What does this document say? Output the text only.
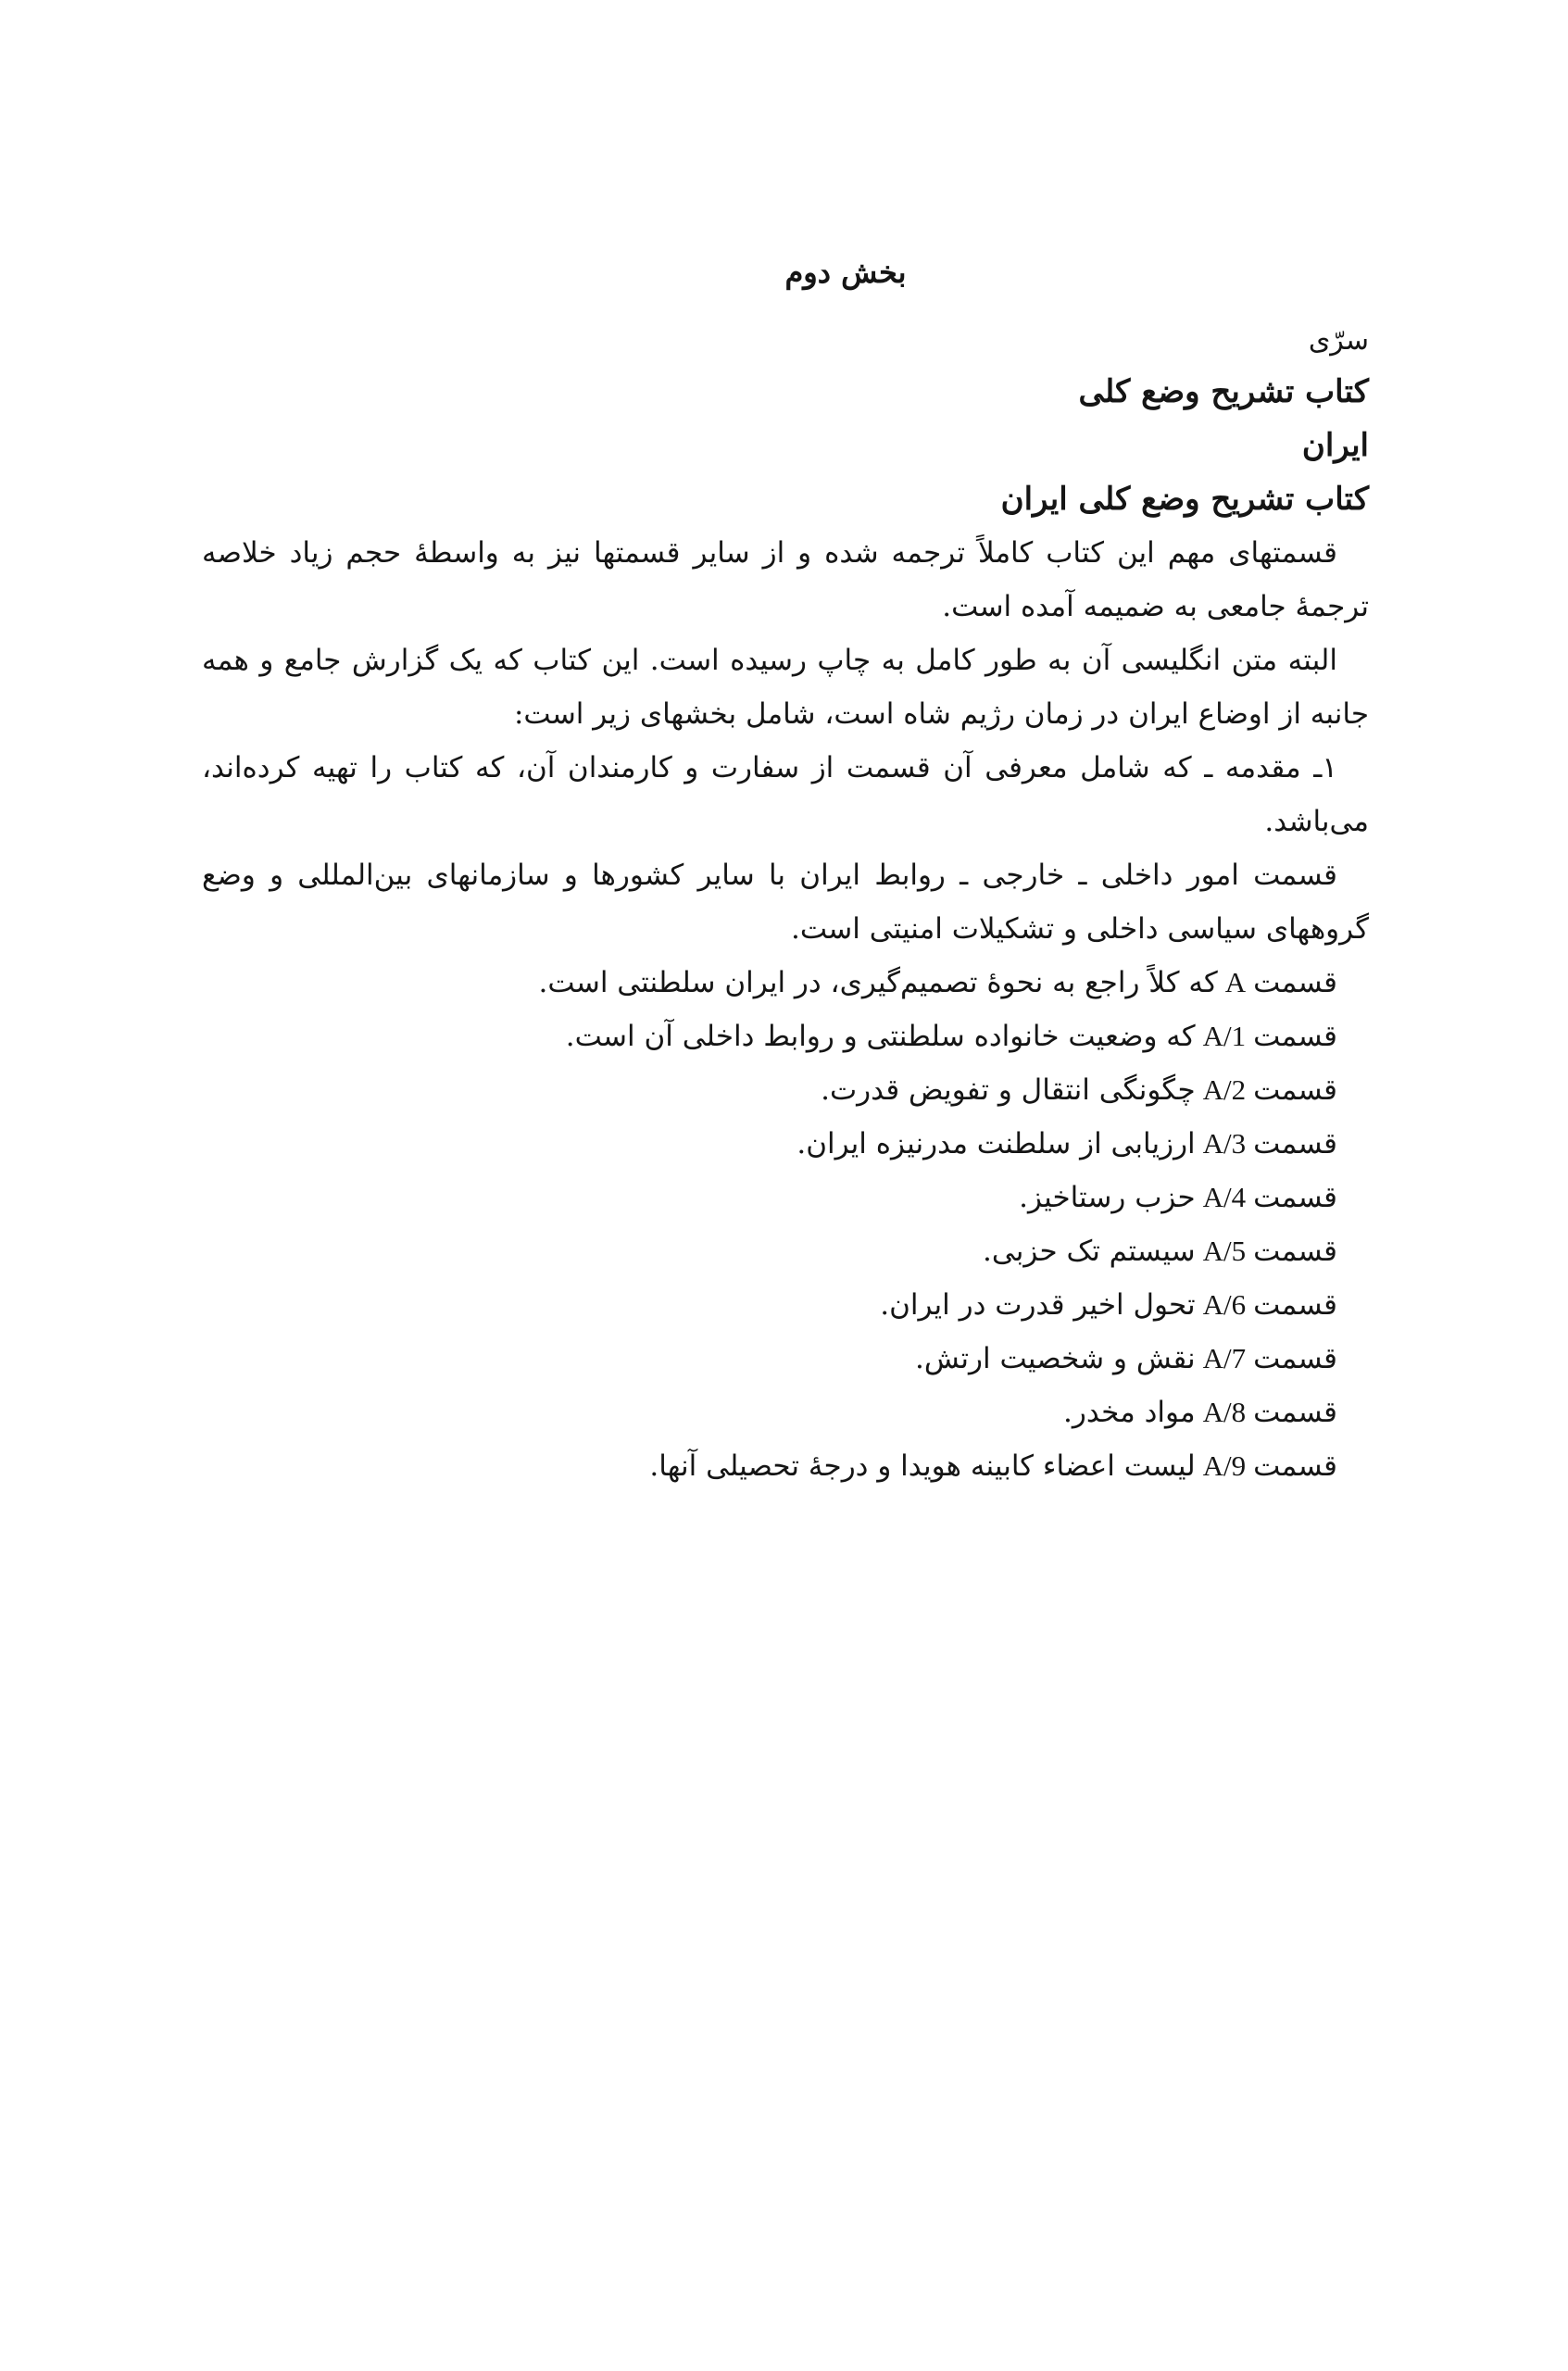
بخش دوم

سرّی

کتاب تشریح وضع کلی

ایران

کتاب تشریح وضع کلی ایران

قسمتهای مهم این کتاب کاملاً ترجمه شده و از سایر قسمتها نیز به واسطهٔ حجم زیاد خلاصه ترجمهٔ جامعی به ضمیمه آمده است.

البته متن انگلیسی آن به طور کامل به چاپ رسیده است. این کتاب که یک گزارش جامع و همه جانبه از اوضاع ایران در زمان رژیم شاه است، شامل بخشهای زیر است:

۱ـ مقدمه ـ که شامل معرفی آن قسمت از سفارت و کارمندان آن، که کتاب را تهیه کرده‌اند، می‌باشد.

قسمت امور داخلی ـ خارجی ـ روابط ایران با سایر کشورها و سازمانهای بین‌المللی و وضع گروههای سیاسی داخلی و تشکیلات امنیتی است.

قسمتAکه کلاً راجع به نحوهٔ تصمیم‌گیری، در ایران سلطنتی است.
قسمتA/1که وضعیت خانواده سلطنتی و روابط داخلی آن است.
قسمتA/2چگونگی انتقال و تفویض قدرت.
قسمتA/3ارزیابی از سلطنت مدرنیزه ایران.
قسمتA/4حزب رستاخیز.
قسمتA/5سیستم تک حزبی.
قسمتA/6تحول اخیر قدرت در ایران.
قسمتA/7نقش و شخصیت ارتش.
قسمتA/8مواد مخدر.
قسمتA/9لیست اعضاء کابینه هویدا و درجهٔ تحصیلی آنها.
